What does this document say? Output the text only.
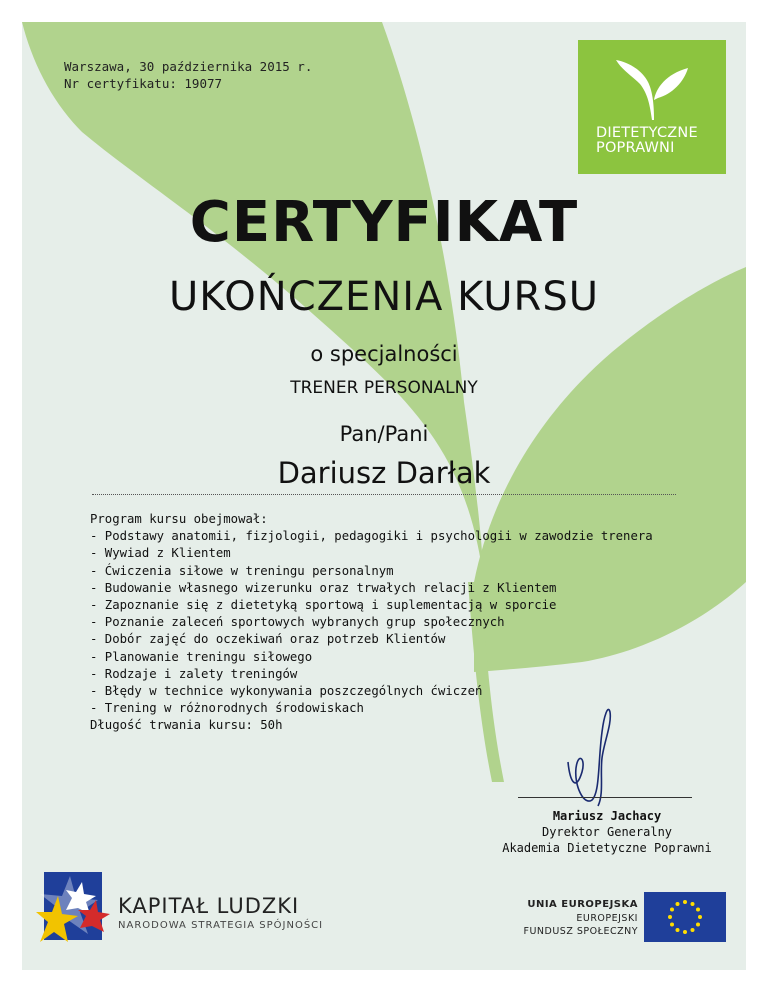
Warszawa, 30 października 2015 r.
Nr certyfikatu: 19077
DIETETYCZNE
POPRAWNI
CERTYFIKAT
UKOŃCZENIA KURSU
o specjalności
TRENER PERSONALNY
Pan/Pani
Dariusz Darłak
Program kursu obejmował:
- Podstawy anatomii, fizjologii, pedagogiki i psychologii w zawodzie trenera
- Wywiad z Klientem
- Ćwiczenia siłowe w treningu personalnym
- Budowanie własnego wizerunku oraz trwałych relacji z Klientem
- Zapoznanie się z dietetyką sportową i suplementacją w sporcie
- Poznanie zaleceń sportowych wybranych grup społecznych
- Dobór zajęć do oczekiwań oraz potrzeb Klientów
- Planowanie treningu siłowego
- Rodzaje i zalety treningów
- Błędy w technice wykonywania poszczególnych ćwiczeń
- Trening w różnorodnych środowiskach
Długość trwania kursu: 50h
Mariusz Jachacy
Dyrektor Generalny
Akademia Dietetyczne Poprawni
KAPITAŁ LUDZKI
NARODOWA STRATEGIA SPÓJNOŚCI
UNIA EUROPEJSKA
EUROPEJSKI
FUNDUSZ SPOŁECZNY
